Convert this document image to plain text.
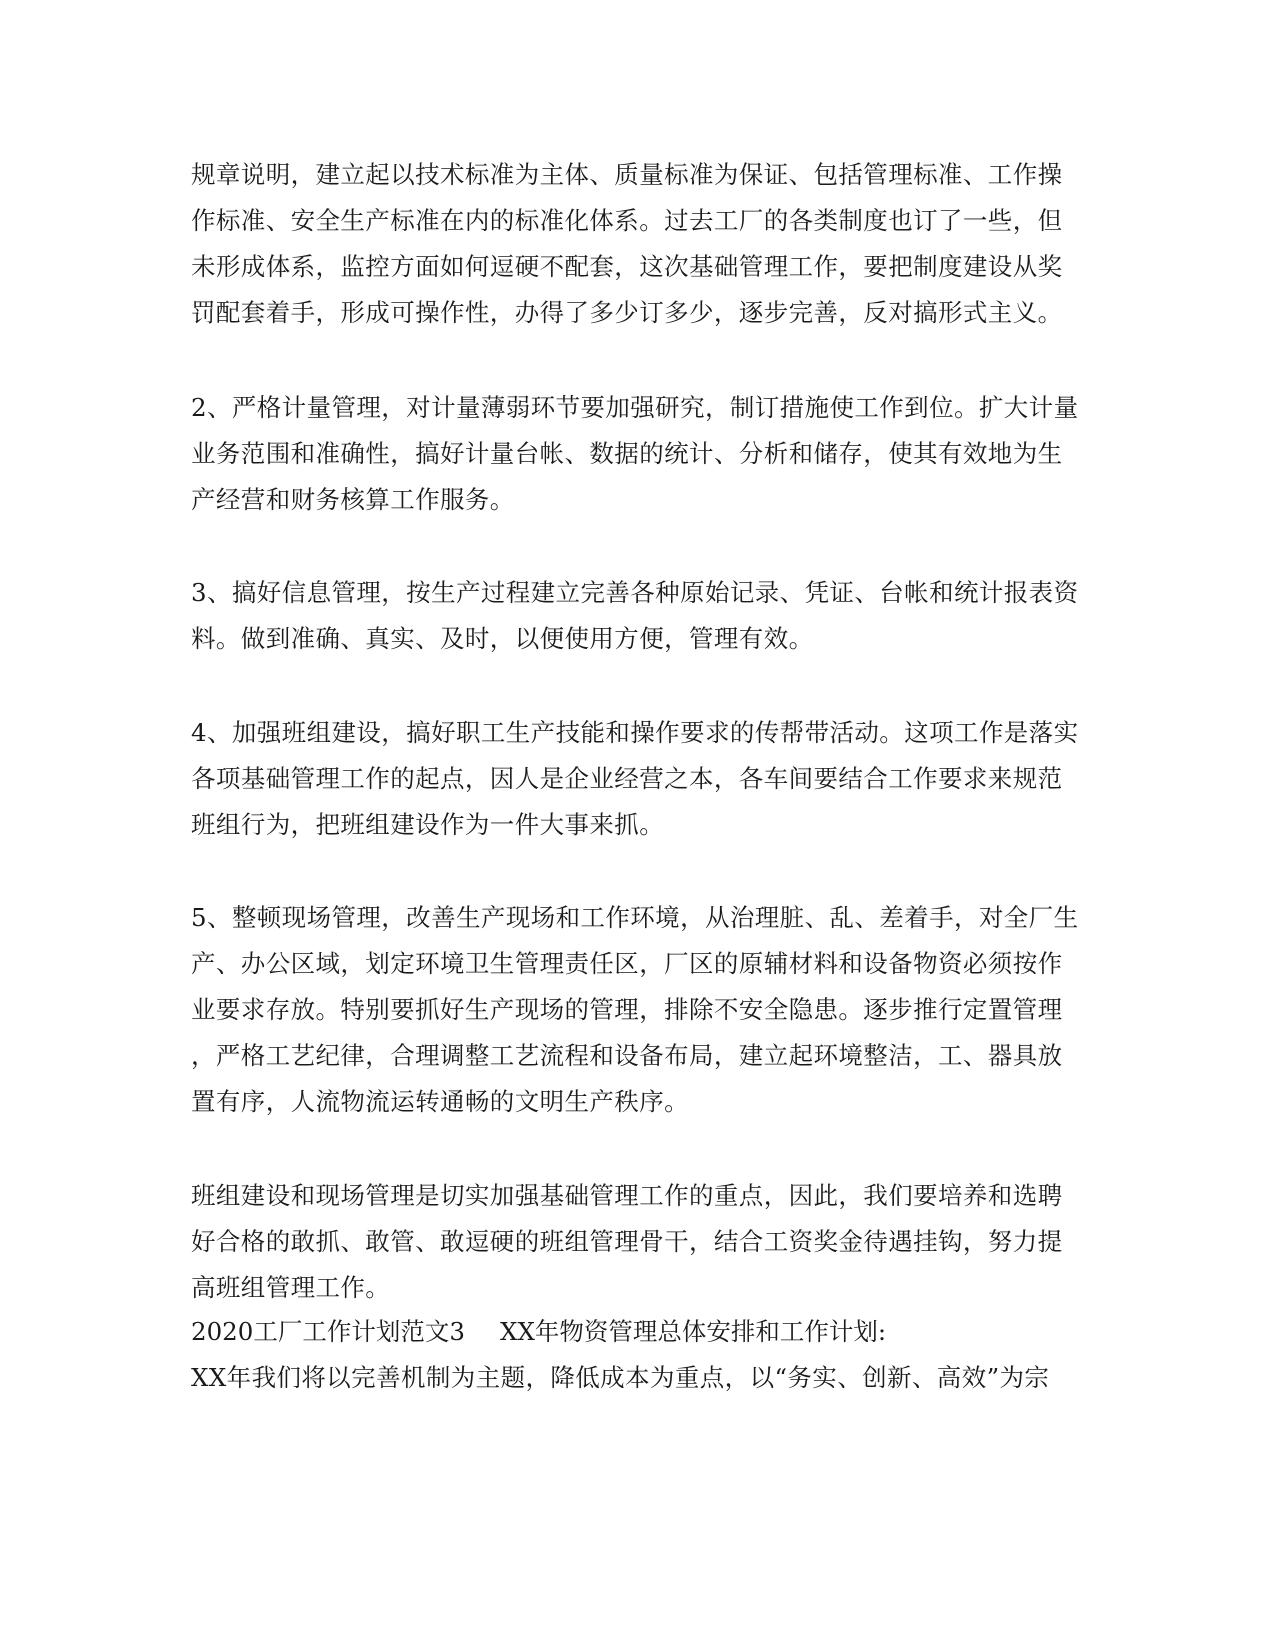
规章说明，建立起以技术标准为主体、质量标准为保证、包括管理标准、工作操
作标准、安全生产标准在内的标准化体系。过去工厂的各类制度也订了一些，但
未形成体系，监控方面如何逗硬不配套，这次基础管理工作，要把制度建设从奖
罚配套着手，形成可操作性，办得了多少订多少，逐步完善，反对搞形式主义。
2、严格计量管理，对计量薄弱环节要加强研究，制订措施使工作到位。扩大计量
业务范围和准确性，搞好计量台帐、数据的统计、分析和储存，使其有效地为生
产经营和财务核算工作服务。
3、搞好信息管理，按生产过程建立完善各种原始记录、凭证、台帐和统计报表资
料。做到准确、真实、及时，以便使用方便，管理有效。
4、加强班组建设，搞好职工生产技能和操作要求的传帮带活动。这项工作是落实
各项基础管理工作的起点，因人是企业经营之本，各车间要结合工作要求来规范
班组行为，把班组建设作为一件大事来抓。
5、整顿现场管理，改善生产现场和工作环境，从治理脏、乱、差着手，对全厂生
产、办公区域，划定环境卫生管理责任区，厂区的原辅材料和设备物资必须按作
业要求存放。特别要抓好生产现场的管理，排除不安全隐患。逐步推行定置管理
，严格工艺纪律，合理调整工艺流程和设备布局，建立起环境整洁，工、器具放
置有序，人流物流运转通畅的文明生产秩序。
班组建设和现场管理是切实加强基础管理工作的重点，因此，我们要培养和选聘
好合格的敢抓、敢管、敢逗硬的班组管理骨干，结合工资奖金待遇挂钩，努力提
高班组管理工作。
2020工厂工作计划范文3 XX年物资管理总体安排和工作计划:
XX年我们将以完善机制为主题，降低成本为重点，以“务实、创新、高效”为宗
